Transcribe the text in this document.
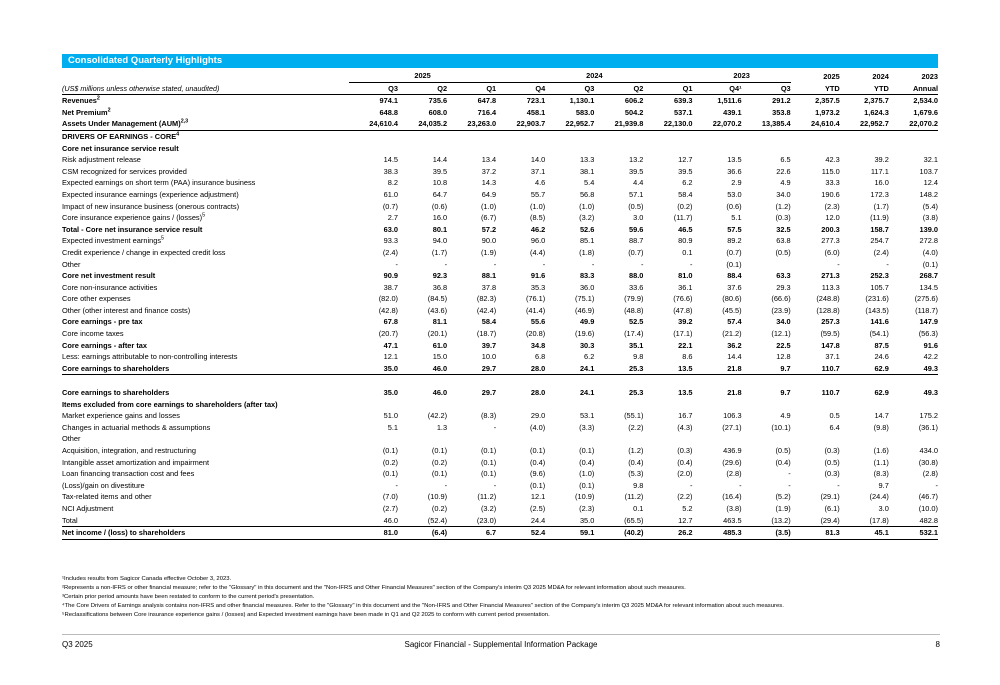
Consolidated Quarterly Highlights
	2025			2024				2023		2025	2024	2023
(US$ millions unless otherwise stated, unaudited)	Q3	Q2	Q1	Q4	Q3	Q2	Q1	Q4¹	Q3	YTD	YTD	Annual
Revenues$^2$	974.1	735.6	647.8	723.1	1,130.1	606.2	639.3	1,511.6	291.2	2,357.5	2,375.7	2,534.0
Net Premium$^2$	648.8	608.0	716.4	458.1	583.0	504.2	537.1	439.1	353.8	1,973.2	1,624.3	1,679.6
Assets Under Management (AUM)$^{2,3}$	24,610.4	24,035.2	23,263.0	22,903.7	22,952.7	21,939.8	22,130.0	22,070.2	13,385.4	24,610.4	22,952.7	22,070.2
DRIVERS OF EARNINGS - CORE$^4$												
Core net insurance service result												
Risk adjustment release	14.5	14.4	13.4	14.0	13.3	13.2	12.7	13.5	6.5	42.3	39.2	32.1
CSM recognized for services provided	38.3	39.5	37.2	37.1	38.1	39.5	39.5	36.6	22.6	115.0	117.1	103.7
Expected earnings on short term (PAA) insurance business	8.2	10.8	14.3	4.6	5.4	4.4	6.2	2.9	4.9	33.3	16.0	12.4
Expected insurance earnings (experience adjustment)	61.0	64.7	64.9	55.7	56.8	57.1	58.4	53.0	34.0	190.6	172.3	148.2
Impact of new insurance business (onerous contracts)	(0.7)	(0.6)	(1.0)	(1.0)	(1.0)	(0.5)	(0.2)	(0.6)	(1.2)	(2.3)	(1.7)	(5.4)
Core insurance experience gains / (losses)$^5$	2.7	16.0	(6.7)	(8.5)	(3.2)	3.0	(11.7)	5.1	(0.3)	12.0	(11.9)	(3.8)
Total - Core net insurance service result	63.0	80.1	57.2	46.2	52.6	59.6	46.5	57.5	32.5	200.3	158.7	139.0
Expected investment earnings$^5$	93.3	94.0	90.0	96.0	85.1	88.7	80.9	89.2	63.8	277.3	254.7	272.8
Credit experience / change in expected credit loss	(2.4)	(1.7)	(1.9)	(4.4)	(1.8)	(0.7)	0.1	(0.7)	(0.5)	(6.0)	(2.4)	(4.0)
Other	-	-	-	-	-	-	-	(0.1)		-	-	(0.1)
Core net investment result	90.9	92.3	88.1	91.6	83.3	88.0	81.0	88.4	63.3	271.3	252.3	268.7
Core non-insurance activities	38.7	36.8	37.8	35.3	36.0	33.6	36.1	37.6	29.3	113.3	105.7	134.5
Core other expenses	(82.0)	(84.5)	(82.3)	(76.1)	(75.1)	(79.9)	(76.6)	(80.6)	(66.6)	(248.8)	(231.6)	(275.6)
Other (other interest and finance costs)	(42.8)	(43.6)	(42.4)	(41.4)	(46.9)	(48.8)	(47.8)	(45.5)	(23.9)	(128.8)	(143.5)	(118.7)
Core earnings - pre tax	67.8	81.1	58.4	55.6	49.9	52.5	39.2	57.4	34.0	257.3	141.6	147.9
Core income taxes	(20.7)	(20.1)	(18.7)	(20.8)	(19.6)	(17.4)	(17.1)	(21.2)	(12.1)	(59.5)	(54.1)	(56.3)
Core earnings - after tax	47.1	61.0	39.7	34.8	30.3	35.1	22.1	36.2	22.5	147.8	87.5	91.6
Less: earnings attributable to non-controlling interests	12.1	15.0	10.0	6.8	6.2	9.8	8.6	14.4	12.8	37.1	24.6	42.2
Core earnings to shareholders	35.0	46.0	29.7	28.0	24.1	25.3	13.5	21.8	9.7	110.7	62.9	49.3

Core earnings to shareholders	35.0	46.0	29.7	28.0	24.1	25.3	13.5	21.8	9.7	110.7	62.9	49.3
Items excluded from core earnings to shareholders (after tax)												
Market experience gains and losses	51.0	(42.2)	(8.3)	29.0	53.1	(55.1)	16.7	106.3	4.9	0.5	14.7	175.2
Changes in actuarial methods & assumptions	5.1	1.3	-	(4.0)	(3.3)	(2.2)	(4.3)	(27.1)	(10.1)	6.4	(9.8)	(36.1)
Other												
Acquisition, integration, and restructuring	(0.1)	(0.1)	(0.1)	(0.1)	(0.1)	(1.2)	(0.3)	436.9	(0.5)	(0.3)	(1.6)	434.0
Intangible asset amortization and impairment	(0.2)	(0.2)	(0.1)	(0.4)	(0.4)	(0.4)	(0.4)	(29.6)	(0.4)	(0.5)	(1.1)	(30.8)
Loan financing transaction cost and fees	(0.1)	(0.1)	(0.1)	(9.6)	(1.0)	(5.3)	(2.0)	(2.8)	-	(0.3)	(8.3)	(2.8)
(Loss)/gain on divestiture	-	-	-	(0.1)	(0.1)	9.8	-	-	-	-	9.7	-
Tax-related items and other	(7.0)	(10.9)	(11.2)	12.1	(10.9)	(11.2)	(2.2)	(16.4)	(5.2)	(29.1)	(24.4)	(46.7)
NCI Adjustment	(2.7)	(0.2)	(3.2)	(2.5)	(2.3)	0.1	5.2	(3.8)	(1.9)	(6.1)	3.0	(10.0)
Total	46.0	(52.4)	(23.0)	24.4	35.0	(65.5)	12.7	463.5	(13.2)	(29.4)	(17.8)	482.8
Net income / (loss) to shareholders	81.0	(6.4)	6.7	52.4	59.1	(40.2)	26.2	485.3	(3.5)	81.3	45.1	532.1
¹Includes results from Sagicor Canada effective October 3, 2023.
²Represents a non-IFRS or other financial measure; refer to the "Glossary" in this document and the "Non-IFRS and Other Financial Measures" section of the Company's interim Q3 2025 MD&A for relevant information about such measures.
³Certain prior period amounts have been restated to conform to the current period's presentation.
⁴The Core Drivers of Earnings analysis contains non-IFRS and other financial measures. Refer to the "Glossary" in this document and the "Non-IFRS and Other Financial Measures" section of the Company's interim Q3 2025 MD&A for relevant information about such measures.
⁵Reclassifications between Core insurance experience gains / (losses) and Expected investment earnings have been made in Q1 and Q2 2025 to conform with current period presentation.
Q3 2025	Sagicor Financial - Supplemental Information Package	8
